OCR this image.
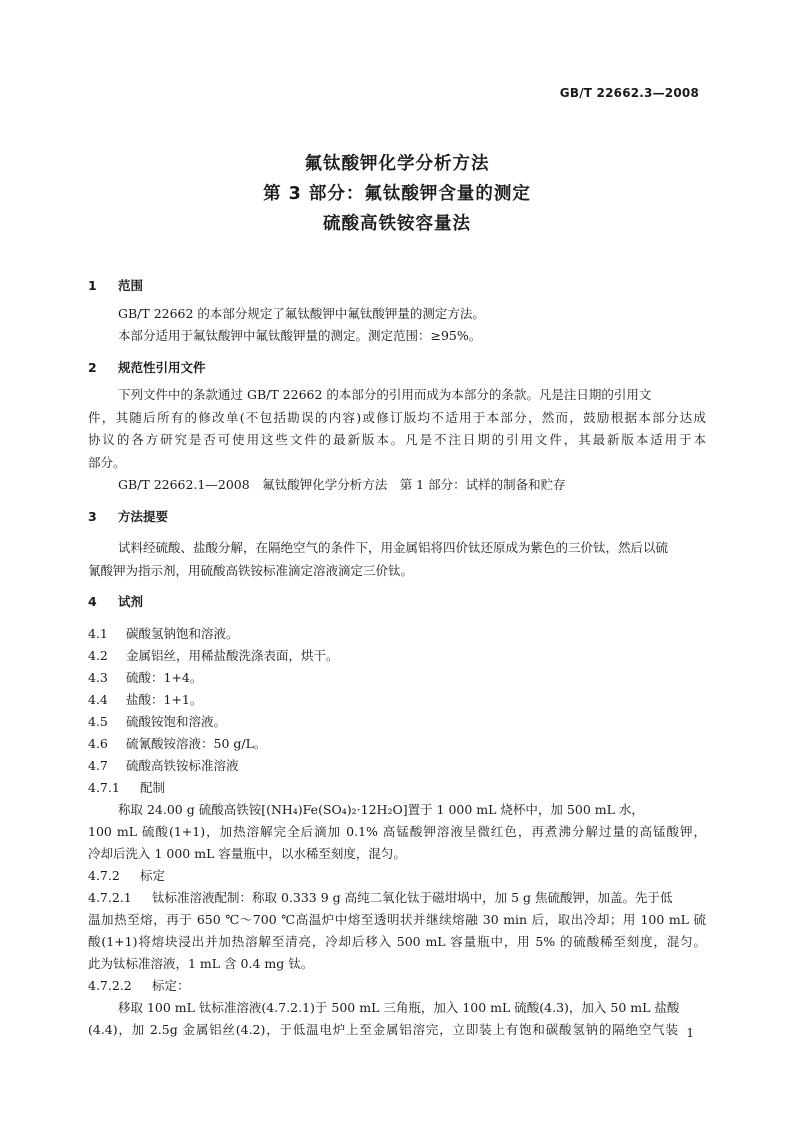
GB/T 22662.3—2008
氟钛酸钾化学分析方法
第 3 部分：氟钛酸钾含量的测定
硫酸高铁铵容量法
1 范围
GB/T 22662 的本部分规定了氟钛酸钾中氟钛酸钾量的测定方法。
本部分适用于氟钛酸钾中氟钛酸钾量的测定。测定范围：≥95%。
2 规范性引用文件
下列文件中的条款通过 GB/T 22662 的本部分的引用而成为本部分的条款。凡是注日期的引用文
件，其随后所有的修改单(不包括勘误的内容)或修订版均不适用于本部分，然而，鼓励根据本部分达成
协议的各方研究是否可使用这些文件的最新版本。凡是不注日期的引用文件，其最新版本适用于本
部分。
GB/T 22662.1—2008　氟钛酸钾化学分析方法　第 1 部分：试样的制备和贮存
3 方法提要
试料经硫酸、盐酸分解，在隔绝空气的条件下，用金属铝将四价钛还原成为紫色的三价钛，然后以硫
氰酸钾为指示剂，用硫酸高铁铵标准滴定溶液滴定三价钛。
4 试剂
4.1 碳酸氢钠饱和溶液。
4.2 金属铝丝，用稀盐酸洗涤表面，烘干。
4.3 硫酸：1+4。
4.4 盐酸：1+1。
4.5 硫酸铵饱和溶液。
4.6 硫氰酸铵溶液：50 g/L。
4.7 硫酸高铁铵标准溶液
4.7.1 配制
称取 24.00 g 硫酸高铁铵[(NH₄)Fe(SO₄)₂·12H₂O]置于 1 000 mL 烧杯中，加 500 mL 水，
100 mL 硫酸(1+1)，加热溶解完全后滴加 0.1% 高锰酸钾溶液呈微红色，再煮沸分解过量的高锰酸钾，
冷却后洗入 1 000 mL 容量瓶中，以水稀至刻度，混匀。
4.7.2 标定
4.7.2.1 钛标准溶液配制：称取 0.333 9 g 高纯二氧化钛于磁坩埚中，加 5 g 焦硫酸钾，加盖。先于低
温加热至熔，再于 650 ℃～700 ℃高温炉中熔至透明状并继续熔融 30 min 后，取出冷却；用 100 mL 硫
酸(1+1)将熔块浸出并加热溶解至清亮，冷却后移入 500 mL 容量瓶中，用 5% 的硫酸稀至刻度，混匀。
此为钛标准溶液，1 mL 含 0.4 mg 钛。
4.7.2.2 标定：
移取 100 mL 钛标准溶液(4.7.2.1)于 500 mL 三角瓶，加入 100 mL 硫酸(4.3)，加入 50 mL 盐酸
(4.4)，加 2.5g 金属铝丝(4.2)，于低温电炉上至金属铝溶完，立即装上有饱和碳酸氢钠的隔绝空气装 1
